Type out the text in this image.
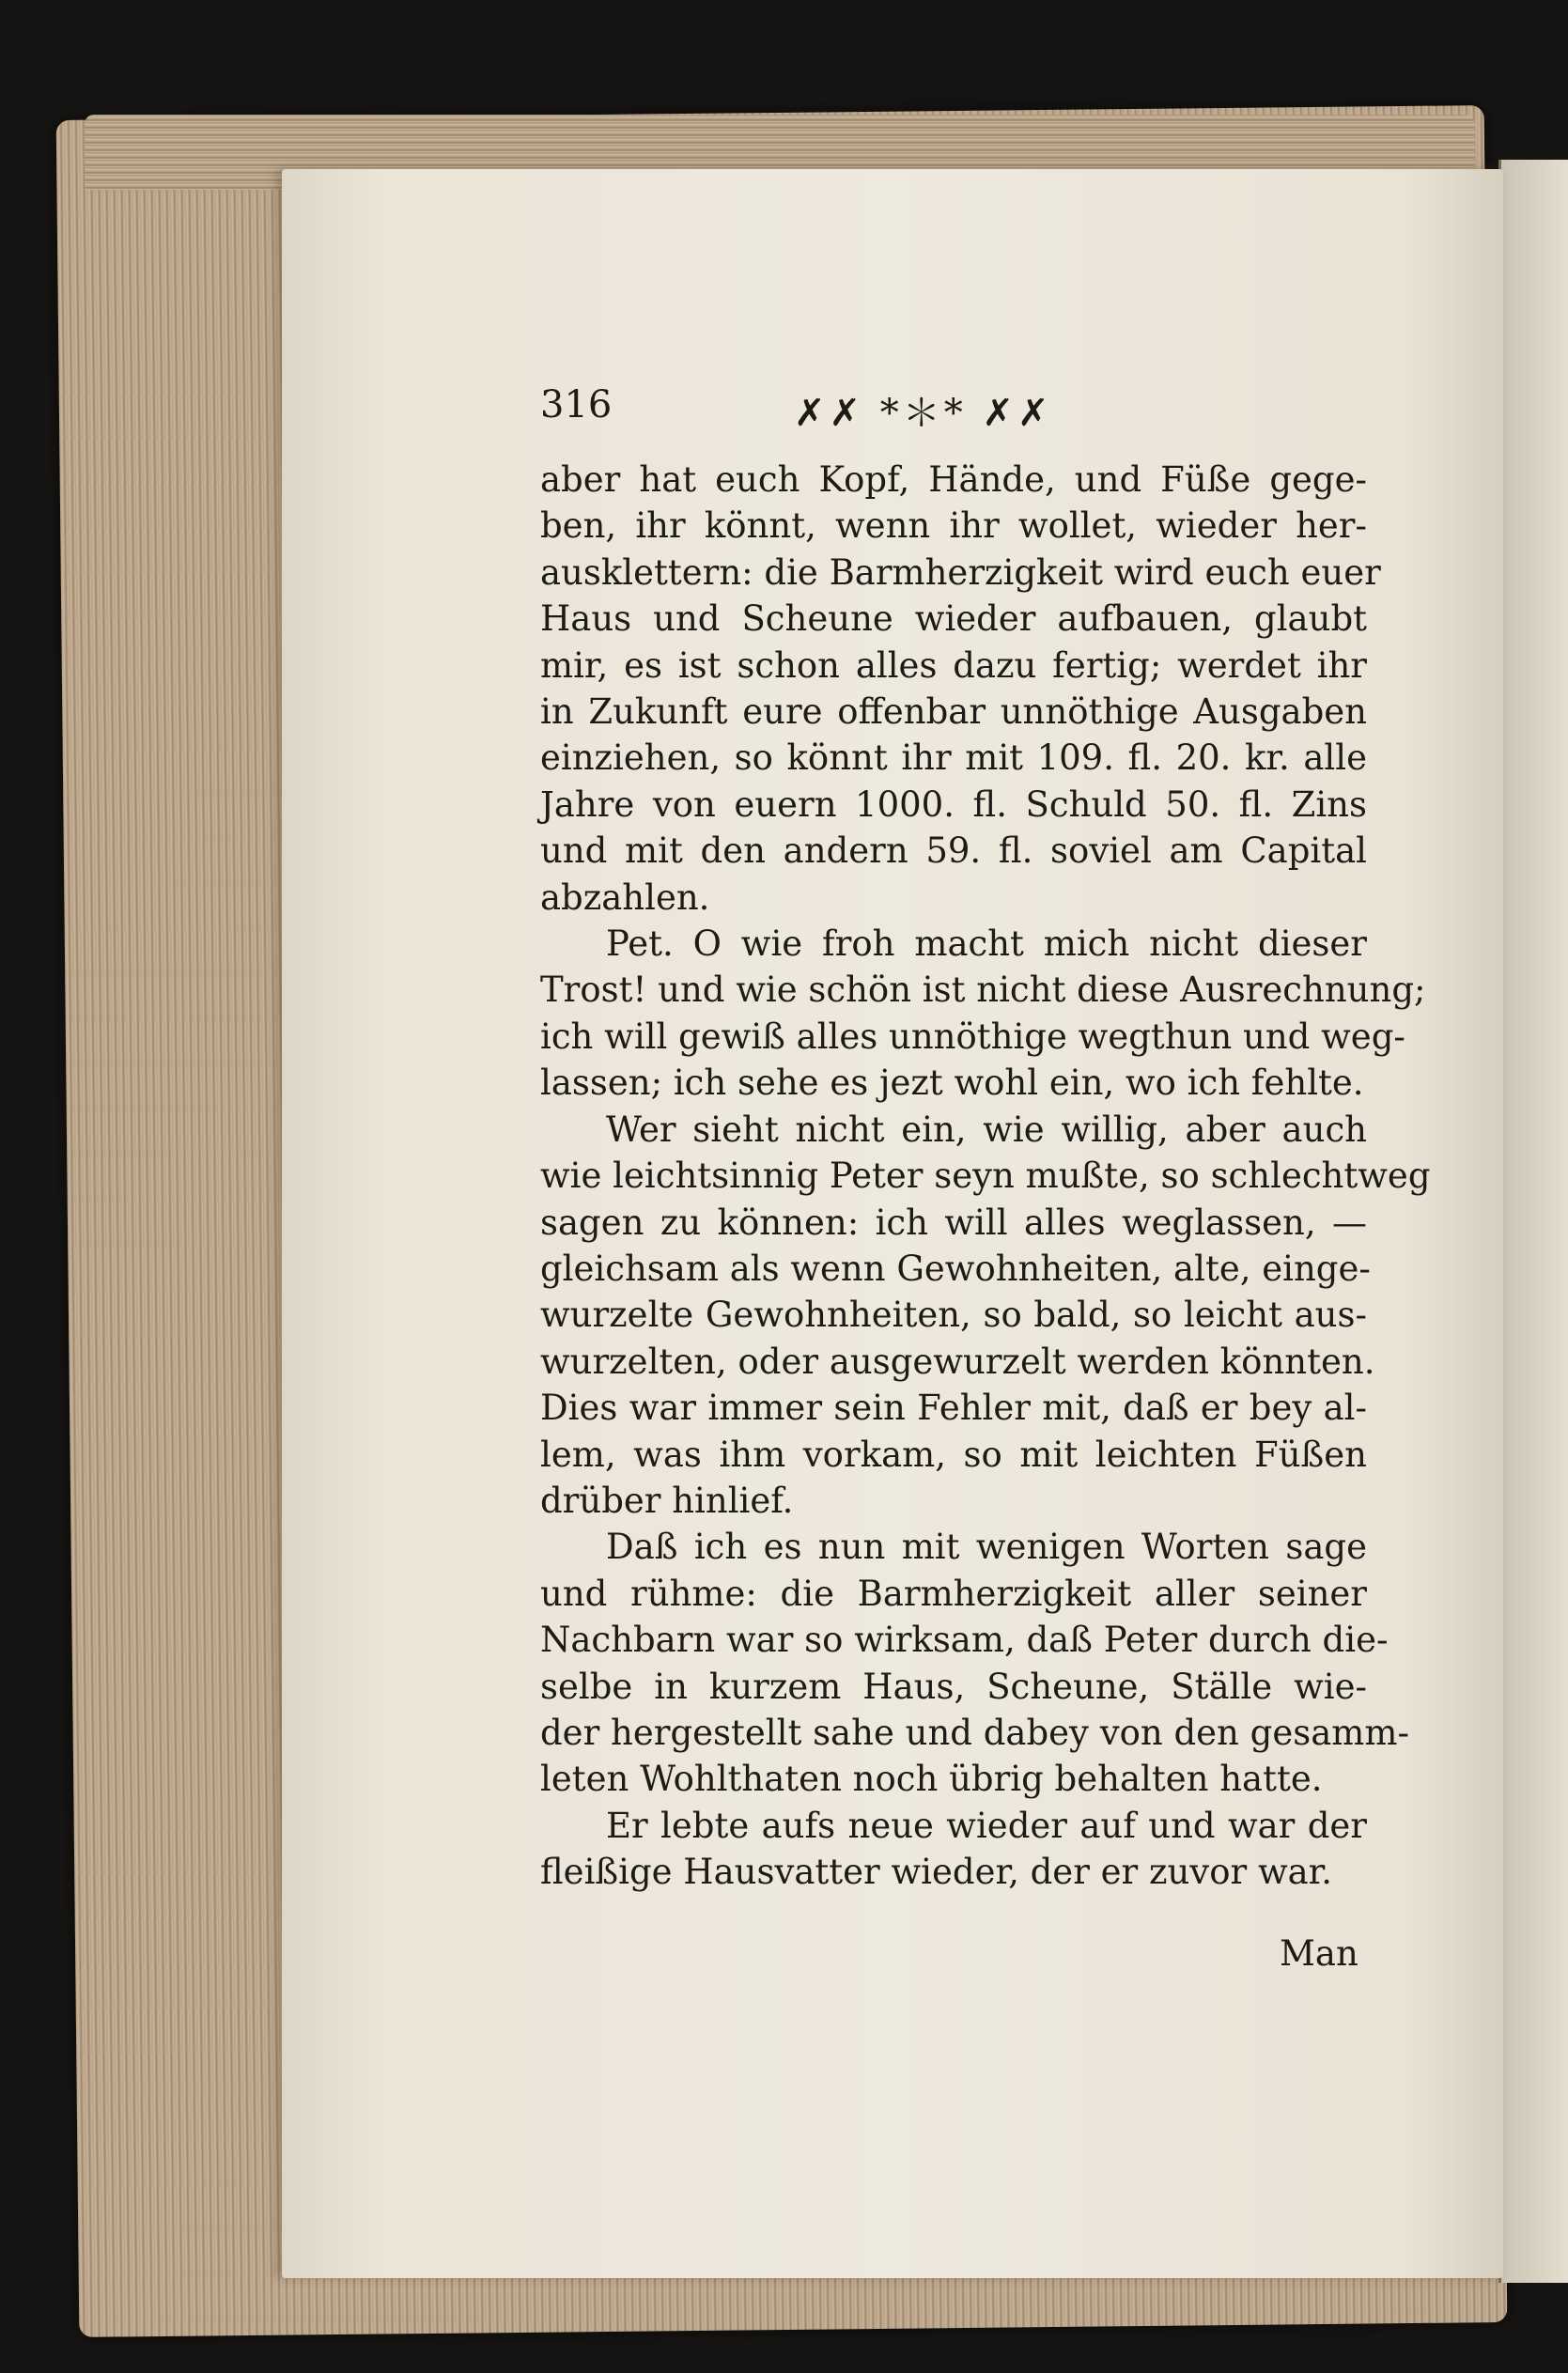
316	✗✗ *＊* ✗✗
aber hat euch Kopf, Hände, und Füße gege-
ben, ihr könnt, wenn ihr wollet, wieder her-
ausklettern: die Barmherzigkeit wird euch euer
Haus und Scheune wieder aufbauen, glaubt
mir, es ist schon alles dazu fertig; werdet ihr
in Zukunft eure offenbar unnöthige Ausgaben
einziehen, so könnt ihr mit 109. fl. 20. kr. alle
Jahre von euern 1000. fl. Schuld 50. fl. Zins
und mit den andern 59. fl. soviel am Capital
abzahlen.
Pet. O wie froh macht mich nicht dieser
Trost! und wie schön ist nicht diese Ausrechnung;
ich will gewiß alles unnöthige wegthun und weg-
lassen; ich sehe es jezt wohl ein, wo ich fehlte.
Wer sieht nicht ein, wie willig, aber auch
wie leichtsinnig Peter seyn mußte, so schlechtweg
sagen zu können: ich will alles weglassen, —
gleichsam als wenn Gewohnheiten, alte, einge-
wurzelte Gewohnheiten, so bald, so leicht aus-
wurzelten, oder ausgewurzelt werden könnten.
Dies war immer sein Fehler mit, daß er bey al-
lem, was ihm vorkam, so mit leichten Füßen
drüber hinlief.
Daß ich es nun mit wenigen Worten sage
und rühme: die Barmherzigkeit aller seiner
Nachbarn war so wirksam, daß Peter durch die-
selbe in kurzem Haus, Scheune, Ställe wie-
der hergestellt sahe und dabey von den gesamm-
leten Wohlthaten noch übrig behalten hatte.
Er lebte aufs neue wieder auf und war der
fleißige Hausvatter wieder, der er zuvor war.
Man
